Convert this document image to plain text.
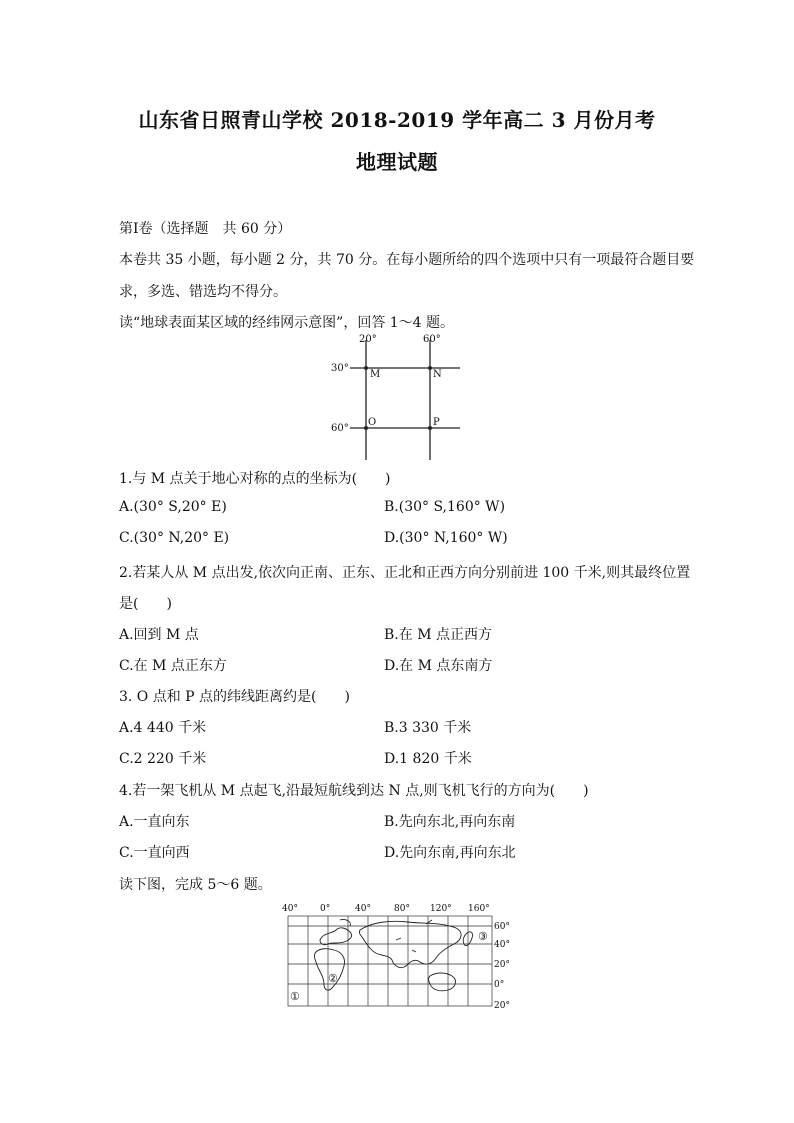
山东省日照青山学校 2018-2019 学年高二 3 月份月考
地理试题
第Ⅰ卷（选择题　共 60 分）
本卷共 35 小题，每小题 2 分，共 70 分。在每小题所给的四个选项中只有一项最符合题目要
求，多选、错选均不得分。
读“地球表面某区域的经纬网示意图”，回答 1～4 题。
20°	60°
30°
60°
M	N
O	P
1.与 M 点关于地心对称的点的坐标为(　　)
A.(30° S,20° E)	B.(30° S,160° W)
C.(30° N,20° E)	D.(30° N,160° W)
2.若某人从 M 点出发,依次向正南、正东、正北和正西方向分别前进 100 千米,则其最终位置
是(　　)
A.回到 M 点	B.在 M 点正西方
C.在 M 点正东方	D.在 M 点东南方
3. O 点和 P 点的纬线距离约是(　　)
A.4 440 千米	B.3 330 千米
C.2 220 千米	D.1 820 千米
4.若一架飞机从 M 点起飞,沿最短航线到达 N 点,则飞机飞行的方向为(　　)
A.一直向东	B.先向东北,再向东南
C.一直向西	D.先向东南,再向东北
读下图，完成 5～6 题。
40° 0°	40°	80° 120° 160°
60°
40°
20°
0°
20°
①
②
③
